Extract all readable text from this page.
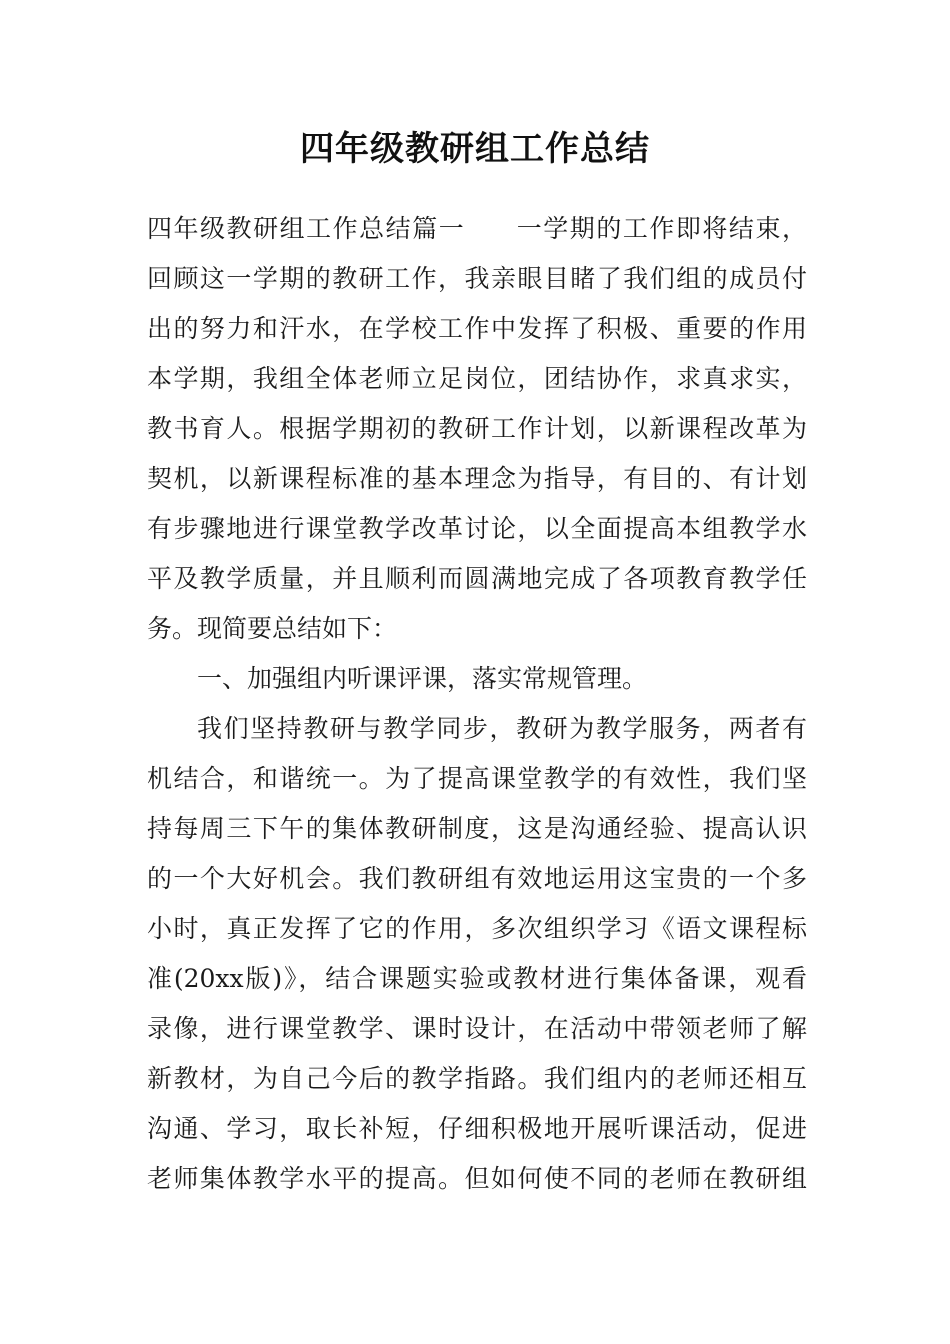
四年级教研组工作总结
四年级教研组工作总结篇一 一学期的工作即将结束，
回顾这一学期的教研工作，我亲眼目睹了我们组的成员付
出的努力和汗水，在学校工作中发挥了积极、重要的作用
本学期，我组全体老师立足岗位，团结协作，求真求实，
教书育人。根据学期初的教研工作计划，以新课程改革为
契机，以新课程标准的基本理念为指导，有目的、有计划
有步骤地进行课堂教学改革讨论，以全面提高本组教学水
平及教学质量，并且顺利而圆满地完成了各项教育教学任
务。现简要总结如下：
一、加强组内听课评课，落实常规管理。
我们坚持教研与教学同步，教研为教学服务，两者有
机结合，和谐统一。为了提高课堂教学的有效性，我们坚
持每周三下午的集体教研制度，这是沟通经验、提高认识
的一个大好机会。我们教研组有效地运用这宝贵的一个多
小时，真正发挥了它的作用，多次组织学习《语文课程标
准(20xx版)》，结合课题实验或教材进行集体备课，观看
录像，进行课堂教学、课时设计，在活动中带领老师了解
新教材，为自己今后的教学指路。我们组内的老师还相互
沟通、学习，取长补短，仔细积极地开展听课活动，促进
老师集体教学水平的提高。但如何使不同的老师在教研组
